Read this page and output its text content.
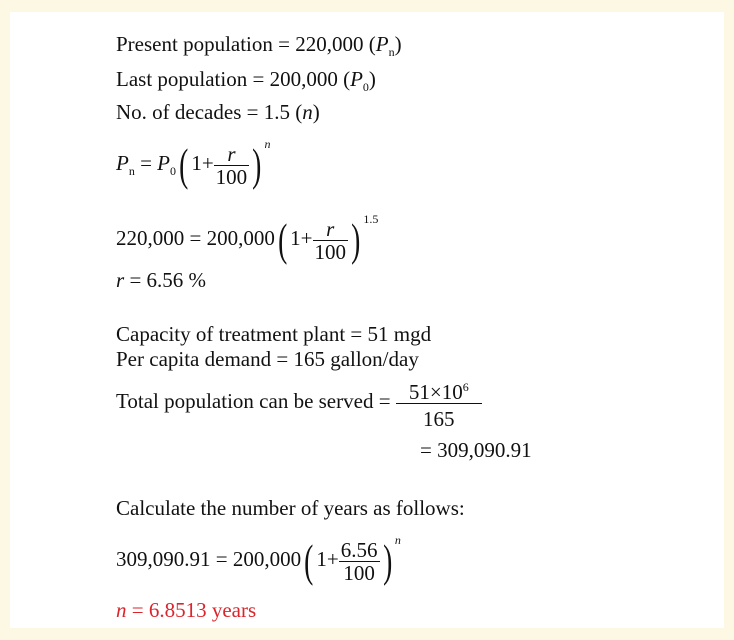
Present population = 220,000 $(P_n)$
Last population = 200,000 $(P_0)$
No. of decades = 1.5 (n)
$P_n = P_0$( $1+ \frac{r}{100}$ ) $^n$
220,000 = 200,000( $1+ \frac{r}{100}$ ) $^{1.5}$
r = 6.56 %
Capacity of treatment plant = 51 mgd
Per capita demand = 165 gallon/day
Total population can be served = $\frac{51\times 10^6}{165}$
= 309,090.91
Calculate the number of years as follows:
309,090.91 = 200,000( $1+ \frac{6.56}{100}$ ) $^n$
n = 6.8513 years
